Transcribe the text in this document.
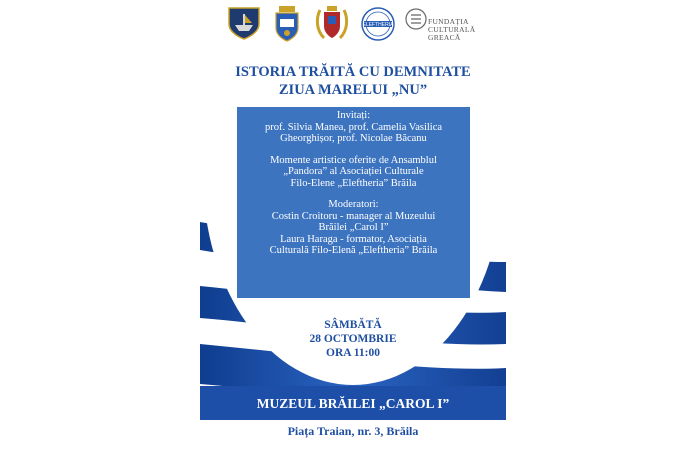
ELEFTHERIA	FUNDAȚIA
CULTURALĂ
GREACĂ
ISTORIA TRĂITĂ CU DEMNITATE
ZIUA MARELUI „NU”
Invitați:
prof. Silvia Manea, prof. Camelia Vasilica
Gheorghișor, prof. Nicolae Băcanu
Momente artistice oferite de Ansamblul
„Pandora” al Asociației Culturale
Filo-Elene „Eleftheria” Brăila
Moderatori:
Costin Croitoru - manager al Muzeului
Brăilei „Carol I”
Laura Haraga - formator, Asociația
Culturală Filo-Elenă „Eleftheria” Brăila
SÂMBĂTĂ
28 OCTOMBRIE
ORA 11:00
MUZEUL BRĂILEI „CAROL I”
Piața Traian, nr. 3, Brăila
